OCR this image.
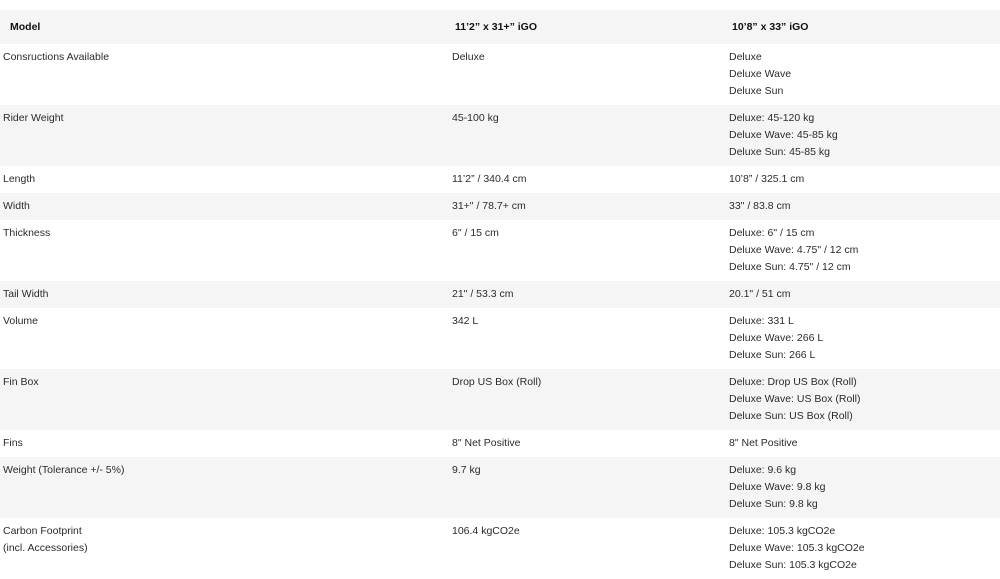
Model	11’2” x 31+” iGO	10’8” x 33” iGO

Consructions Available	Deluxe	Deluxe
Deluxe Wave
Deluxe Sun

Rider Weight	45-100 kg	Deluxe: 45-120 kg
Deluxe Wave: 45-85 kg
Deluxe Sun: 45-85 kg

Length	11’2” / 340.4 cm	10’8” / 325.1 cm

Width	31+" / 78.7+ cm	33" / 83.8 cm

Thickness	6" / 15 cm	Deluxe: 6" / 15 cm
Deluxe Wave: 4.75" / 12 cm
Deluxe Sun: 4.75" / 12 cm

Tail Width	21" / 53.3 cm	20.1" / 51 cm

Volume	342 L	Deluxe: 331 L
Deluxe Wave: 266 L
Deluxe Sun: 266 L

Fin Box	Drop US Box (Roll)	Deluxe: Drop US Box (Roll)
Deluxe Wave: US Box (Roll)
Deluxe Sun: US Box (Roll)

Fins	8" Net Positive	8" Net Positive

Weight (Tolerance +/- 5%)	9.7 kg	Deluxe: 9.6 kg
Deluxe Wave: 9.8 kg
Deluxe Sun: 9.8 kg

Carbon Footprint
(incl. Accessories)	106.4 kgCO2e	Deluxe: 105.3 kgCO2e
Deluxe Wave: 105.3 kgCO2e
Deluxe Sun: 105.3 kgCO2e
